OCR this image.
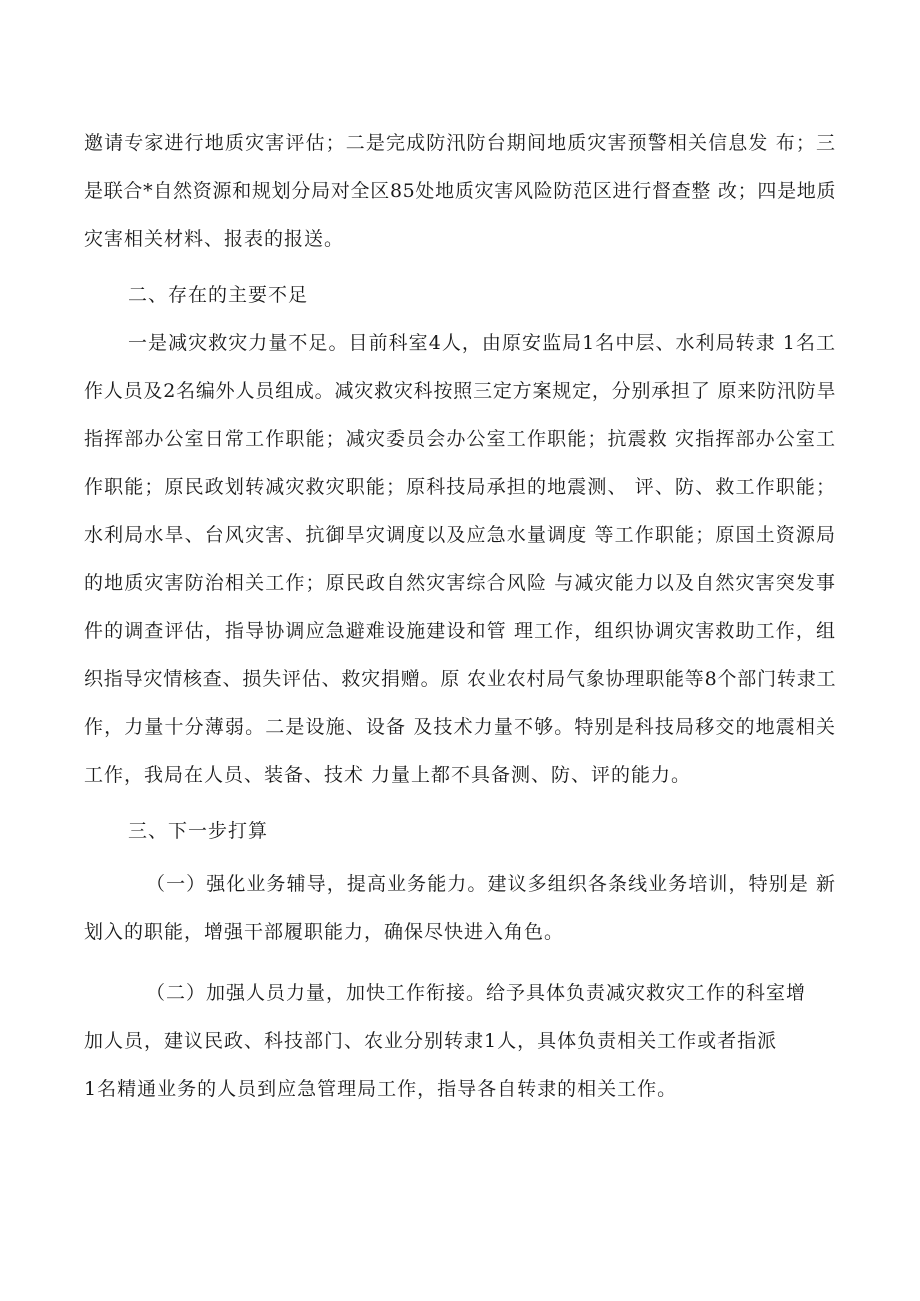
邀请专家进行地质灾害评估；二是完成防汛防台期间地质灾害预警相关信息发 布；三
是联合*自然资源和规划分局对全区85处地质灾害风险防范区进行督查整 改；四是地质
灾害相关材料、报表的报送。
二、存在的主要不足
一是减灾救灾力量不足。目前科室4人，由原安监局1名中层、水利局转隶 1名工
作人员及2名编外人员组成。减灾救灾科按照三定方案规定，分别承担了 原来防汛防旱
指挥部办公室日常工作职能；减灾委员会办公室工作职能；抗震救 灾指挥部办公室工
作职能；原民政划转减灾救灾职能；原科技局承担的地震测、 评、防、救工作职能；
水利局水旱、台风灾害、抗御旱灾调度以及应急水量调度 等工作职能；原国土资源局
的地质灾害防治相关工作；原民政自然灾害综合风险 与减灾能力以及自然灾害突发事
件的调查评估，指导协调应急避难设施建设和管 理工作，组织协调灾害救助工作，组
织指导灾情核查、损失评估、救灾捐赠。原 农业农村局气象协理职能等8个部门转隶工
作，力量十分薄弱。二是设施、设备 及技术力量不够。特别是科技局移交的地震相关
工作，我局在人员、装备、技术 力量上都不具备测、防、评的能力。
三、下一步打算
（一）强化业务辅导，提高业务能力。建议多组织各条线业务培训，特别是 新
划入的职能，增强干部履职能力，确保尽快进入角色。
（二）加强人员力量，加快工作衔接。给予具体负责减灾救灾工作的科室增
加人员，建议民政、科技部门、农业分别转隶1人，具体负责相关工作或者指派
1名精通业务的人员到应急管理局工作，指导各自转隶的相关工作。
